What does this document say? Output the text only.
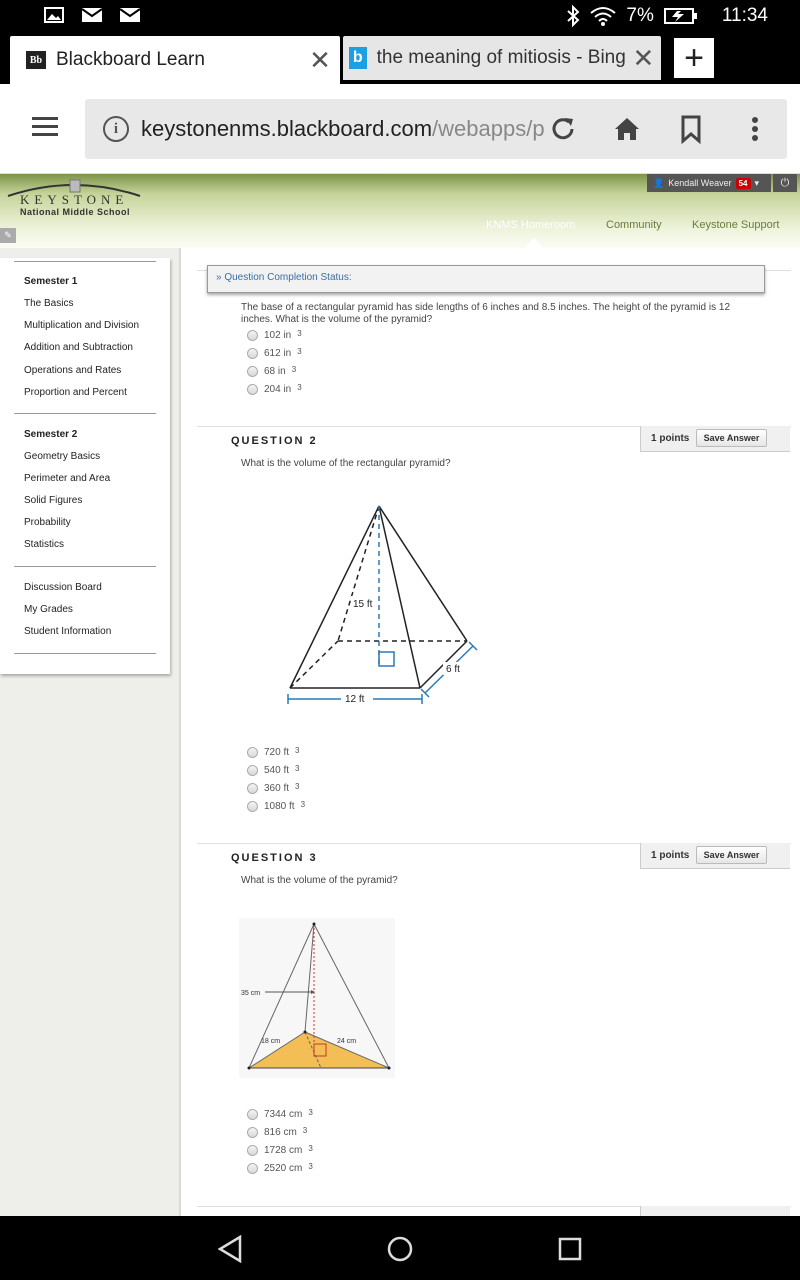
7%	11:34
Bb Blackboard Learn	✕	b the meaning of mitiosis - Bing ✕ +
i	keystonenms.blackboard.com/webapps/p
KEYSTONE
National Middle School
👤 Kendall Weaver 54 ▾	⏻
KNMS Homeroom	Community	Keystone Support
✎
Semester 1
The Basics
Multiplication and Division
Addition and Subtraction
Operations and Rates
Proportion and Percent
Semester 2
Geometry Basics
Perimeter and Area
Solid Figures
Probability
Statistics
Discussion Board
My Grades
Student Information
» Question Completion Status:
The base of a rectangular pyramid has side lengths of 6 inches and 8.5 inches. The height of the pyramid is 12 inches. What is the volume of the pyramid?
102 in $^3$
612 in $^3$
68 in $^3$
204 in $^3$
QUESTION 2	1 points	Save Answer
What is the volume of the rectangular pyramid?
15 ft
12 ft
6 ft
720 ft $^3$
540 ft $^3$
360 ft $^3$
1080 ft $^3$
QUESTION 3	1 points	Save Answer
What is the volume of the pyramid?
35 cm
18 cm	24 cm
7344 cm $^3$
816 cm $^3$
1728 cm $^3$
2520 cm $^3$
